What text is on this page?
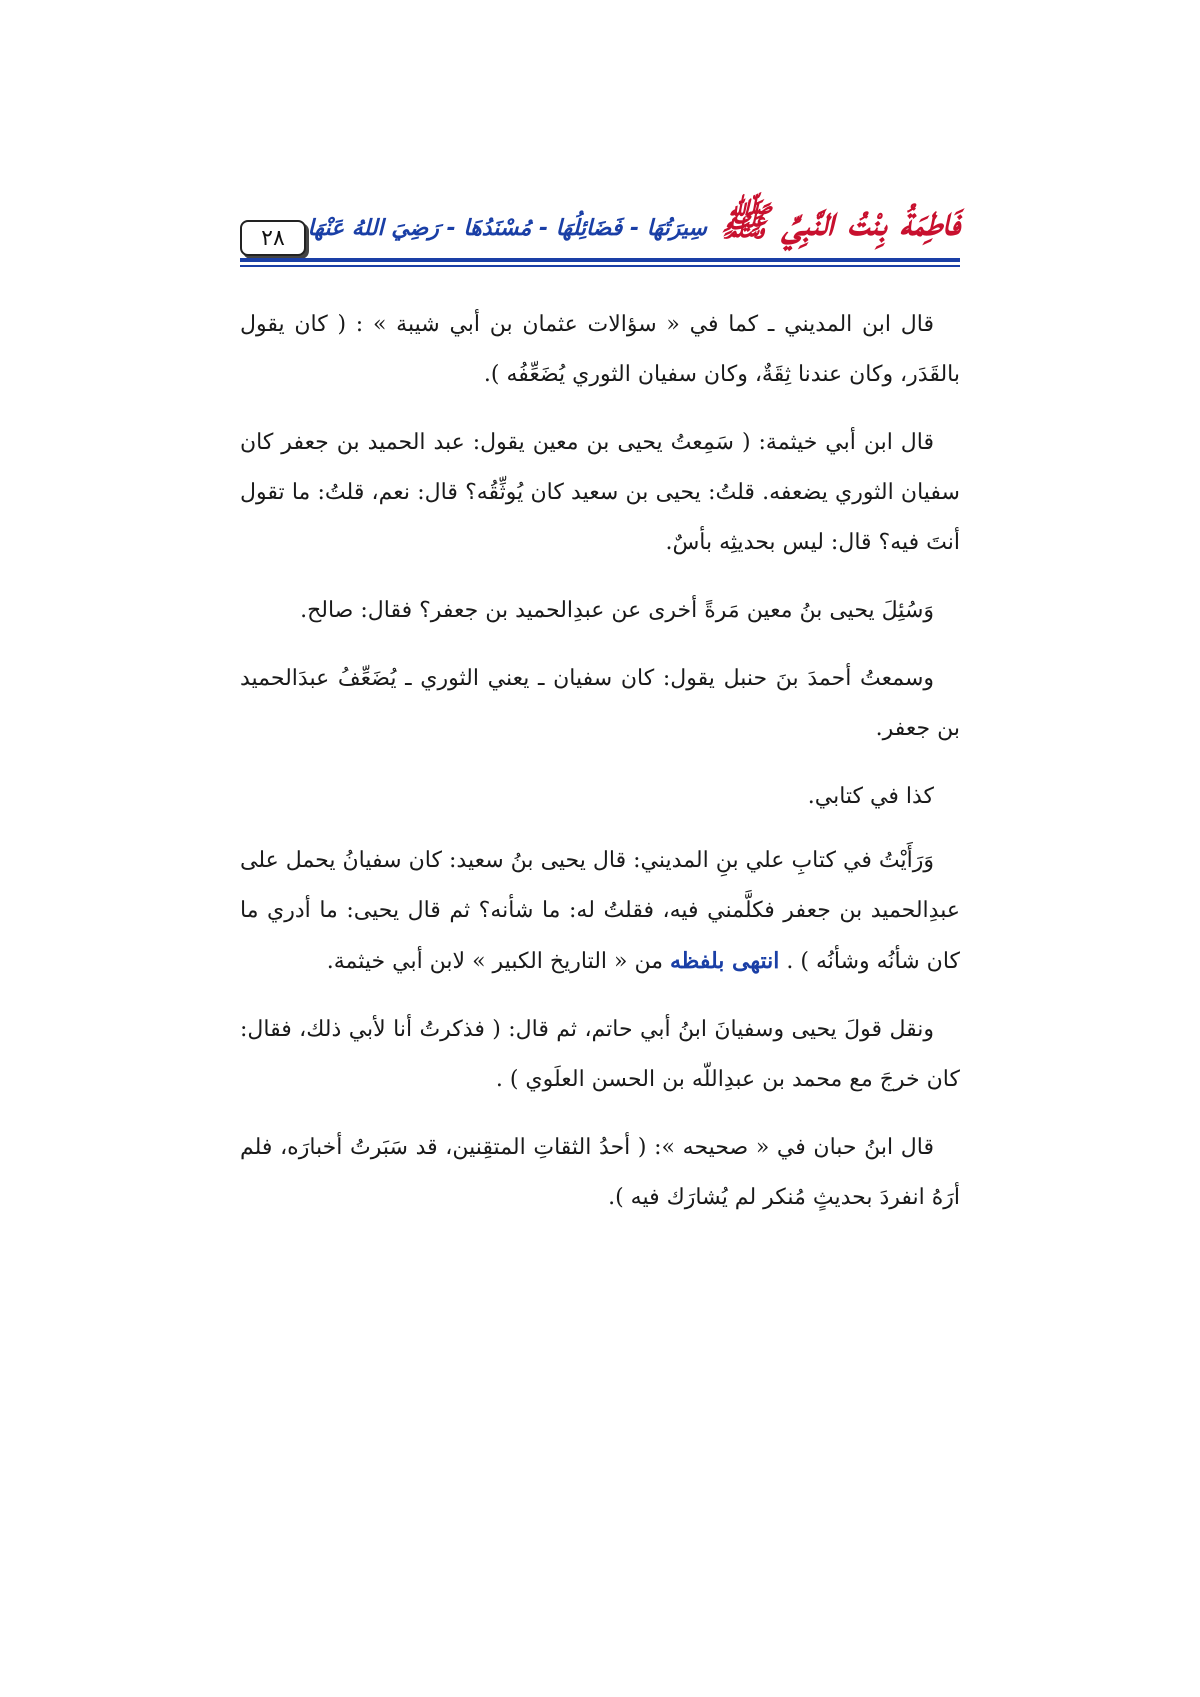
٢٨	فَاطِمَةُ بِنْتُ النَّبِيِّ ﷺ سِيرَتُهَا - فَضَائِلُهَا - مُسْنَدُهَا - رَضِيَ اللهُ عَنْهَا

قال ابن المديني ـ كما في « سؤالات عثمان بن أبي شيبة » : ( كان يقول بالقَدَر، وكان عندنا ثِقَةٌ، وكان سفيان الثوري يُضَعِّفُه ).

قال ابن أبي خيثمة: ( سَمِعتُ يحيى بن معين يقول: عبد الحميد بن جعفر كان سفيان الثوري يضعفه. قلتُ: يحيى بن سعيد كان يُوثِّقُه؟ قال: نعم، قلتُ: ما تقول أنتَ فيه؟ قال: ليس بحديثِه بأسٌ.

وَسُئِلَ يحيى بنُ معين مَرةً أخرى عن عبدِالحميد بن جعفر؟ فقال: صالح.

وسمعتُ أحمدَ بنَ حنبل يقول: كان سفيان ـ يعني الثوري ـ يُضَعِّفُ عبدَالحميد بن جعفر.

كذا في كتابي.

وَرَأَيْتُ في كتابِ علي بنِ المديني: قال يحيى بنُ سعيد: كان سفيانُ يحمل على عبدِالحميد بن جعفر فكلَّمني فيه، فقلتُ له: ما شأنه؟ ثم قال يحيى: ما أدري ما كان شأنُه وشأنُه ) . انتهى بلفظه من « التاريخ الكبير » لابن أبي خيثمة.

ونقل قولَ يحيى وسفيانَ ابنُ أبي حاتم، ثم قال: ( فذكرتُ أنا لأبي ذلك، فقال: كان خرجَ مع محمد بن عبدِاللّه بن الحسن العلَوي ) .

قال ابنُ حبان في « صحيحه »: ( أحدُ الثقاتِ المتقِنين، قد سَبَرتُ أخبارَه، فلم أرَهُ انفردَ بحديثٍ مُنكر لم يُشارَك فيه ).
